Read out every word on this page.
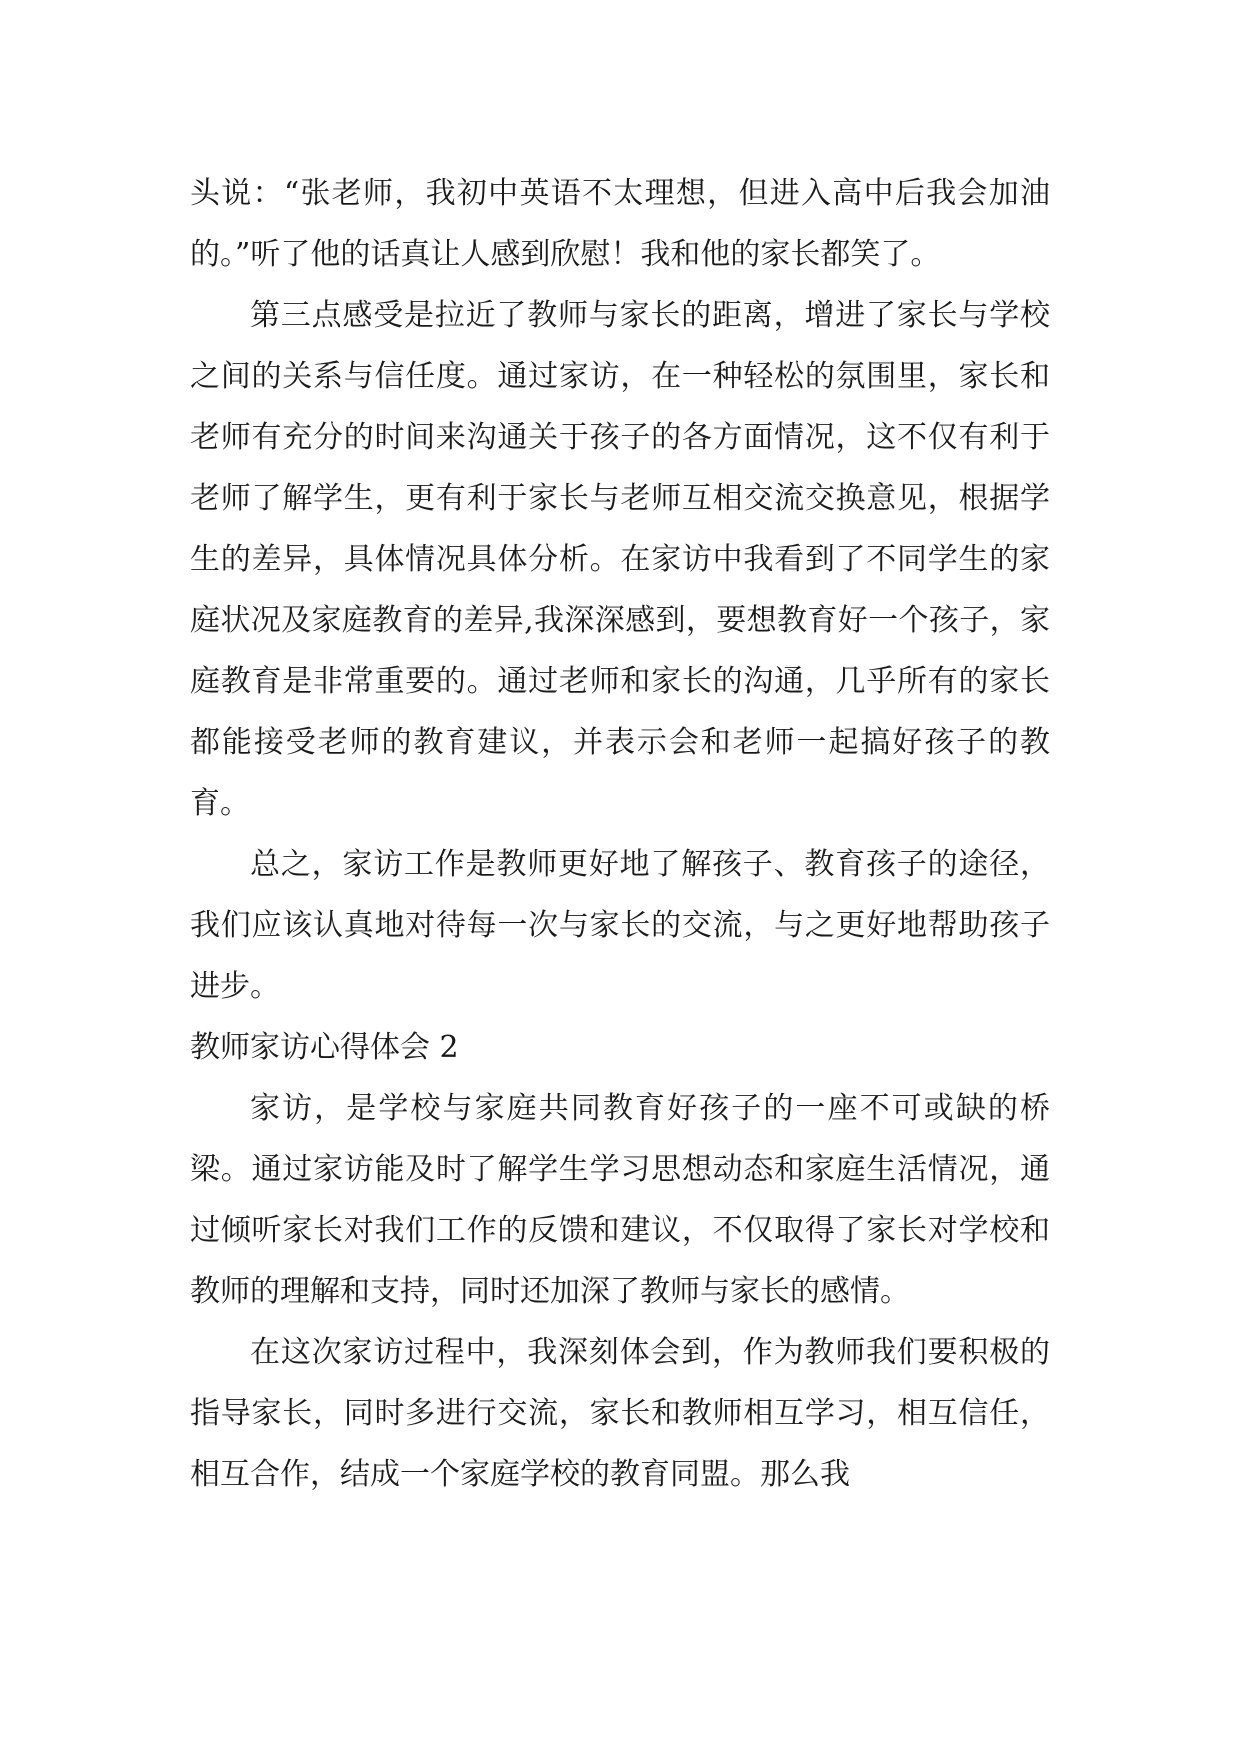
头说：“张老师，我初中英语不太理想，但进入高中后我会加油的。”听了他的话真让人感到欣慰！我和他的家长都笑了。

第三点感受是拉近了教师与家长的距离，增进了家长与学校之间的关系与信任度。通过家访，在一种轻松的氛围里，家长和老师有充分的时间来沟通关于孩子的各方面情况，这不仅有利于老师了解学生，更有利于家长与老师互相交流交换意见，根据学生的差异，具体情况具体分析。在家访中我看到了不同学生的家庭状况及家庭教育的差异,我深深感到，要想教育好一个孩子，家庭教育是非常重要的。通过老师和家长的沟通，几乎所有的家长都能接受老师的教育建议，并表示会和老师一起搞好孩子的教育。

总之，家访工作是教师更好地了解孩子、教育孩子的途径，我们应该认真地对待每一次与家长的交流，与之更好地帮助孩子进步。

教师家访心得体会 2

家访，是学校与家庭共同教育好孩子的一座不可或缺的桥梁。通过家访能及时了解学生学习思想动态和家庭生活情况，通过倾听家长对我们工作的反馈和建议，不仅取得了家长对学校和教师的理解和支持，同时还加深了教师与家长的感情。

在这次家访过程中，我深刻体会到，作为教师我们要积极的指导家长，同时多进行交流，家长和教师相互学习，相互信任，相互合作，结成一个家庭学校的教育同盟。那么我
